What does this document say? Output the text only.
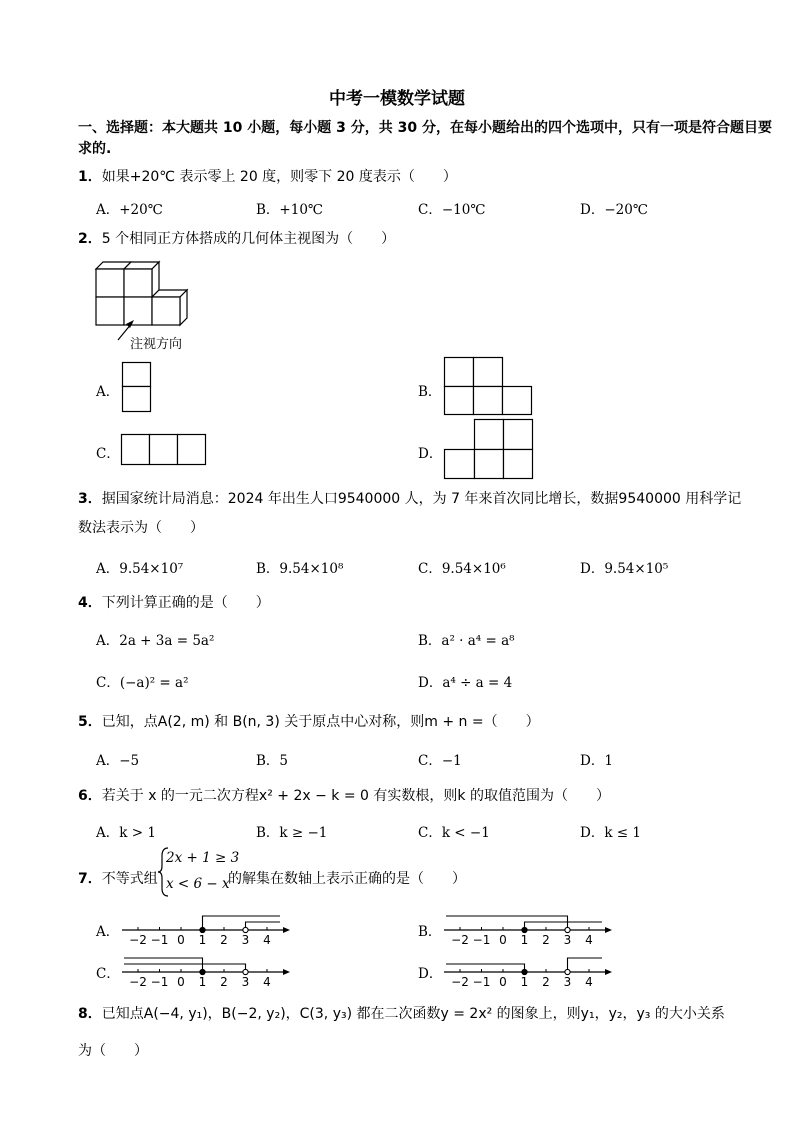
中考一模数学试题
一、选择题：本大题共 10 小题，每小题 3 分，共 30 分，在每小题给出的四个选项中，只有一项是符合题目要求的.
1．如果+20℃ 表示零上 20 度，则零下 20 度表示（　　）
A．+20℃	B．+10℃	C．−10℃	D．−20℃
2．5 个相同正方体搭成的几何体主视图为（　　）
注视方向
A．	B．
C．	D．
3．据国家统计局消息：2024 年出生人口9540000 人，为 7 年来首次同比增长，数据9540000 用科学记
数法表示为（　　）
A．9.54×10⁷	B．9.54×10⁸	C．9.54×10⁶	D．9.54×10⁵
4．下列计算正确的是（　　）
A．2a + 3a = 5a²	B．a² · a⁴ = a⁸
C．(−a)² = a²	D．a⁴ ÷ a = 4
5．已知，点A(2, m) 和 B(n, 3) 关于原点中心对称，则m + n =（　　）
A．−5	B．5	C．−1	D．1
6．若关于 x 的一元二次方程x² + 2x − k = 0 有实数根，则k 的取值范围为（　　）
A．k > 1	B．k ≥ −1	C．k < −1	D．k ≤ 1
7．不等式组
2x + 1 ≥ 3
x < 6 − x
的解集在数轴上表示正确的是（　　）
A．	B．
C．	D．
−2 −1 0 1 2 3 4	−2 −1 0 1 2 3 4
−2 −1 0 1 2 3 4	−2 −1 0 1 2 3 4
8．已知点A(−4, y₁)，B(−2, y₂)，C(3, y₃) 都在二次函数y = 2x² 的图象上，则y₁，y₂，y₃ 的大小关系
为（　　）
